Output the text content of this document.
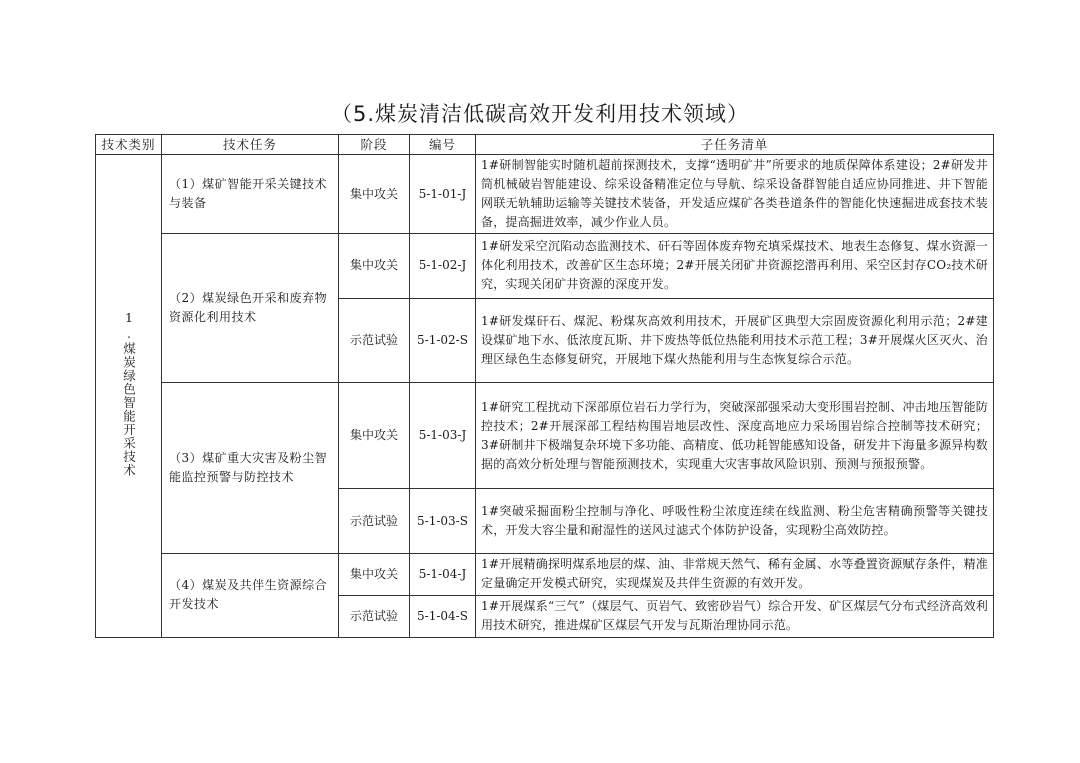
（5.煤炭清洁低碳高效开发利用技术领域）
技术类别	技术任务	阶段	编号	子任务清单
1.煤炭绿色智能开采技术	（1）煤矿智能开采关键技术与装备	集中攻关	5-1-01-J	1#研制智能实时随机超前探测技术，支撑“透明矿井”所要求的地质保障体系建设；2#研发井筒机械破岩智能建设、综采设备精准定位与导航、综采设备群智能自适应协同推进、井下智能网联无轨辅助运输等关键技术装备，开发适应煤矿各类巷道条件的智能化快速掘进成套技术装备，提高掘进效率，减少作业人员。
	（2）煤炭绿色开采和废弃物资源化利用技术	集中攻关	5-1-02-J	1#研发采空沉陷动态监测技术、矸石等固体废弃物充填采煤技术、地表生态修复、煤水资源一体化利用技术，改善矿区生态环境；2#开展关闭矿井资源挖潜再利用、采空区封存CO₂技术研究，实现关闭矿井资源的深度开发。
		示范试验	5-1-02-S	1#研发煤矸石、煤泥、粉煤灰高效利用技术，开展矿区典型大宗固废资源化利用示范；2#建设煤矿地下水、低浓度瓦斯、井下废热等低位热能利用技术示范工程；3#开展煤火区灭火、治理区绿色生态修复研究，开展地下煤火热能利用与生态恢复综合示范。
	（3）煤矿重大灾害及粉尘智能监控预警与防控技术	集中攻关	5-1-03-J	1#研究工程扰动下深部原位岩石力学行为，突破深部强采动大变形围岩控制、冲击地压智能防控技术；2#开展深部工程结构围岩地层改性、深度高地应力采场围岩综合控制等技术研究；3#研制井下极端复杂环境下多功能、高精度、低功耗智能感知设备，研发井下海量多源异构数据的高效分析处理与智能预测技术，实现重大灾害事故风险识别、预测与预报预警。
		示范试验	5-1-03-S	1#突破采掘面粉尘控制与净化、呼吸性粉尘浓度连续在线监测、粉尘危害精确预警等关键技术，开发大容尘量和耐湿性的送风过滤式个体防护设备，实现粉尘高效防控。
	（4）煤炭及共伴生资源综合开发技术	集中攻关	5-1-04-J	1#开展精确探明煤系地层的煤、油、非常规天然气、稀有金属、水等叠置资源赋存条件，精准定量确定开发模式研究，实现煤炭及共伴生资源的有效开发。
		示范试验	5-1-04-S	1#开展煤系“三气”（煤层气、页岩气、致密砂岩气）综合开发、矿区煤层气分布式经济高效利用技术研究，推进煤矿区煤层气开发与瓦斯治理协同示范。
